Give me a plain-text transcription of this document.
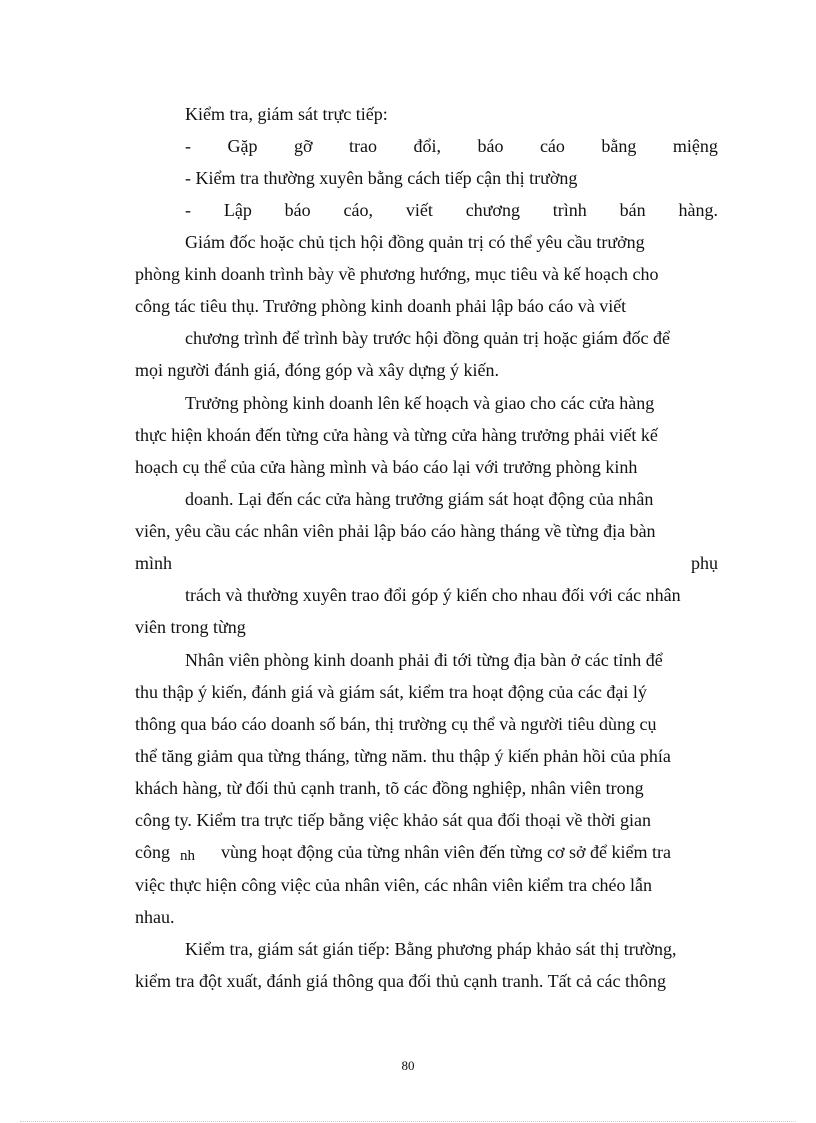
Kiểm tra, giám sát trực tiếp:
- Gặp gỡ trao đổi, báo cáo bằng miệng
- Kiểm tra thường xuyên bằng cách tiếp cận thị trường
- Lập báo cáo, viết chương trình bán hàng.
Giám đốc hoặc chủ tịch hội đồng quản trị có thể yêu cầu trưởng
phòng kinh doanh trình bày về phương hướng, mục tiêu và kế hoạch cho
công tác tiêu thụ. Trưởng phòng kinh doanh phải lập báo cáo và viết
chương trình để trình bày trước hội đồng quản trị hoặc giám đốc để
mọi người đánh giá, đóng góp và xây dựng ý kiến.
Trưởng phòng kinh doanh lên kế hoạch và giao cho các cửa hàng
thực hiện khoán đến từng cửa hàng và từng cửa hàng trưởng phải viết kế
hoạch cụ thể của cửa hàng mình và báo cáo lại với trưởng phòng kinh
doanh. Lại đến các cửa hàng trưởng giám sát hoạt động của nhân
viên, yêu cầu các nhân viên phải lập báo cáo hàng tháng về từng địa bàn
mình	phụ
trách và thường xuyên trao đổi góp ý kiến cho nhau đối với các nhân
viên trong từng
Nhân viên phòng kinh doanh phải đi tới từng địa bàn ở các tỉnh để
thu thập ý kiến, đánh giá và giám sát, kiểm tra hoạt động của các đại lý
thông qua báo cáo doanh số bán, thị trường cụ thể và người tiêu dùng cụ
thể tăng giảm qua từng tháng, từng năm. thu thập ý kiến phản hồi của phía
khách hàng, từ đối thủ cạnh tranh, tõ các đồng nghiệp, nhân viên trong
công ty. Kiểm tra trực tiếp bằng việc khảo sát qua đối thoại về thời gian
công nh vùng hoạt động của từng nhân viên đến từng cơ sở để kiểm tra
việc thực hiện công việc của nhân viên, các nhân viên kiểm tra chéo lẫn
nhau.
Kiểm tra, giám sát gián tiếp: Bằng phương pháp khảo sát thị trường,
kiểm tra đột xuất, đánh giá thông qua đối thủ cạnh tranh. Tất cả các thông
80
